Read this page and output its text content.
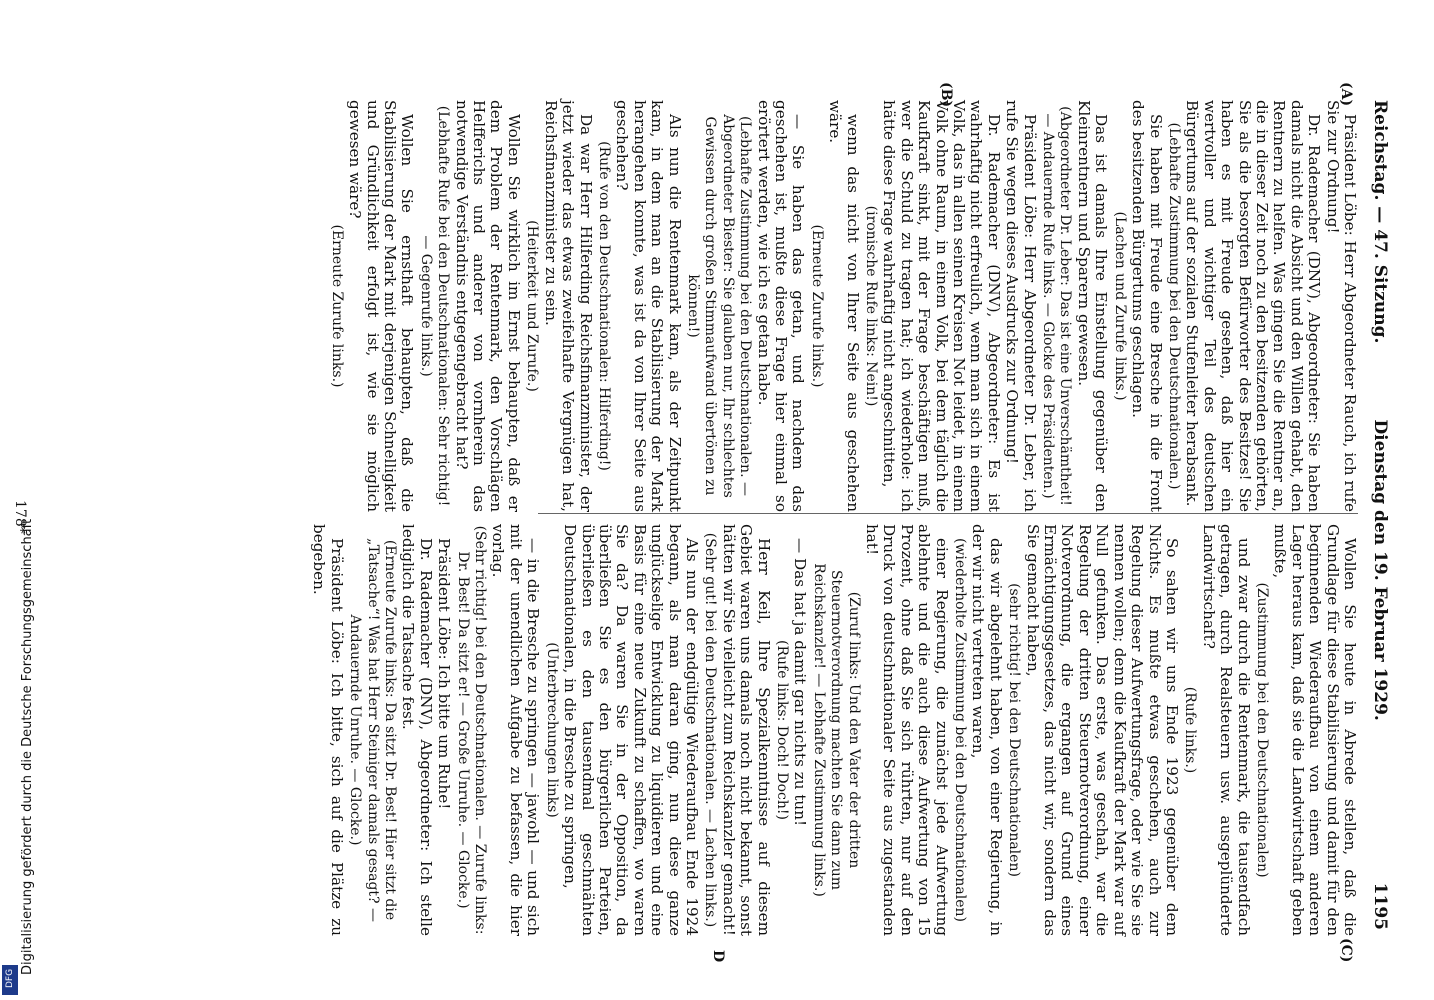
DFG
Digitalisierung gefördert durch die Deutsche Forschungsgemeinschaft
Reichstag. — 47. Sitzung.
Dienstag den 19. Februar 1929.  1195
(A)
(B)
(C)
D

Präsident Löbe: Herr Abgeordneter Rauch, ich rufe Sie zur Ordnung!

Dr. Rademacher (DNV), Abgeordneter: Sie haben damals nicht die Absicht und den Willen gehabt, den Rentnern zu helfen. Was gingen Sie die Rentner an, die in dieser Zeit noch zu den besitzenden gehörten, Sie als die besorgten Befürworter des Besitzes! Sie haben es mit Freude gesehen, daß hier ein wertvoller und wichtiger Teil des deutschen Bürgertums auf der sozialen Stufenleiter herabsank.

(Lebhafte Zustimmung bei den Deutschnationalen.)

Sie haben mit Freude eine Bresche in die Front des besitzenden Bürgertums geschlagen.

(Lachen und Zurufe links.)

Das ist damals Ihre Einstellung gegenüber den Kleinrentnern und Sparern gewesen.

(Abgeordneter Dr. Leber: Das ist eine Unverschämtheit! — Andauernde Rufe links. — Glocke des Präsidenten.)

Präsident Löbe: Herr Abgeordneter Dr. Leber, ich rufe Sie wegen dieses Ausdrucks zur Ordnung!

Dr. Rademacher (DNV), Abgeordneter: Es ist wahrhaftig nicht erfreulich, wenn man sich in einem Volk, das in allen seinen Kreisen Not leidet, in einem Volk ohne Raum, in einem Volk, bei dem täglich die Kaufkraft sinkt, mit der Frage beschäftigen muß, wer die Schuld zu tragen hat; ich wiederhole: ich hätte diese Frage wahrhaftig nicht angeschnitten,

(ironische Rufe links: Nein!)

wenn das nicht von Ihrer Seite aus geschehen wäre.

(Erneute Zurufe links.)

— Sie haben das getan, und nachdem das geschehen ist, mußte diese Frage hier einmal so erörtert werden, wie ich es getan habe.

(Lebhafte Zustimmung bei den Deutschnationalen. — Abgeordneter Biester: Sie glauben nur, Ihr schlechtes Gewissen durch großen Stimmaufwand übertönen zu können!)

Als nun die Rentenmark kam, als der Zeitpunkt kam, in dem man an die Stabilisierung der Mark herangehen konnte, was ist da von Ihrer Seite aus geschehen?

(Rufe von den Deutschnationalen: Hilferding!)

Da war Herr Hilferding Reichsfinanzminister, der jetzt wieder das etwas zweifelhafte Vergnügen hat, Reichsfinanzminister zu sein.

(Heiterkeit und Zurufe.)

Wollen Sie wirklich im Ernst behaupten, daß er dem Problem der Rentenmark, den Vorschlägen Helfferichs und anderer von vornherein das notwendige Verständnis entgegengebracht hat?

(Lebhafte Rufe bei den Deutschnationalen: Sehr richtig! — Gegenrufe links.)

Wollen Sie ernsthaft behaupten, daß die Stabilisierung der Mark mit derjenigen Schnelligkeit und Gründlichkeit erfolgt ist, wie sie möglich gewesen wäre?

(Erneute Zurufe links.)

Wollen Sie heute in Abrede stellen, daß die Grundlage für diese Stabilisierung und damit für den beginnenden Wiederaufbau von einem anderen Lager heraus kam, daß sie die Landwirtschaft geben mußte,

(Zustimmung bei den Deutschnationalen)

und zwar durch die Rentenmark, die tausendfach getragen, durch Realsteuern usw. ausgeplünderte Landwirtschaft?

(Rufe links.)

So sahen wir uns Ende 1923 gegenüber dem Nichts. Es mußte etwas geschehen, auch zur Regelung dieser Aufwertungsfrage, oder wie Sie sie nennen wollen; denn die Kaufkraft der Mark war auf Null gefunken. Das erste, was geschah, war die Regelung der dritten Steuernotverordnung, einer Notverordnung, die ergangen auf Grund eines Ermächtigungsgesetzes, das nicht wir, sondern das Sie gemacht haben,

(sehr richtig! bei den Deutschnationalen)

das wir abgelehnt haben, von einer Regierung, in der wir nicht vertreten waren,

(wiederholte Zustimmung bei den Deutschnationalen)

einer Regierung, die zunächst jede Aufwertung ablehnte und die auch diese Aufwertung von 15 Prozent, ohne daß Sie sich rührten, nur auf den Druck von deutschnationaler Seite aus zugestanden hat!

(Zuruf links: Und den Vater der dritten Steuernotverordnung machten Sie dann zum Reichskanzler! — Lebhafte Zustimmung links.)

— Das hat ja damit gar nichts zu tun!

(Rufe links: Doch! Doch!)

Herr Keil, Ihre Spezialkenntnisse auf diesem Gebiet waren uns damals noch nicht bekannt, sonst hätten wir Sie vielleicht zum Reichskanzler gemacht!

(Sehr gut! bei den Deutschnationalen. — Lachen links.)

Als nun der endgültige Wiederaufbau Ende 1924 begann, als man daran ging, nun diese ganze unglückselige Entwicklung zu liquidieren und eine Basis für eine neue Zukunft zu schaffen, wo waren Sie da? Da waren Sie in der Opposition, da überließen Sie es den bürgerlichen Parteien, überließen es den tausendmal geschmähten Deutschnationalen, in die Bresche zu springen,

(Unterbrechungen links)

— in die Bresche zu springen — jawohl — und sich mit der unendlichen Aufgabe zu befassen, die hier vorlag.

(Sehr richtig! bei den Deutschnationalen. — Zurufe links: Dr. Best! Da sitzt er! — Große Unruhe. — Glocke.)

Präsident Löbe: Ich bitte um Ruhe!

Dr. Rademacher (DNV), Abgeordneter: Ich stelle lediglich die Tatsache fest.

(Erneute Zurufe links: Da sitzt Dr. Best! Hier sitzt die „Tatsache“! Was hat Herr Steiniger damals gesagt? — Andauernde Unruhe. — Glocke.)

Präsident Löbe: Ich bitte, sich auf die Plätze zu begeben.

178*
